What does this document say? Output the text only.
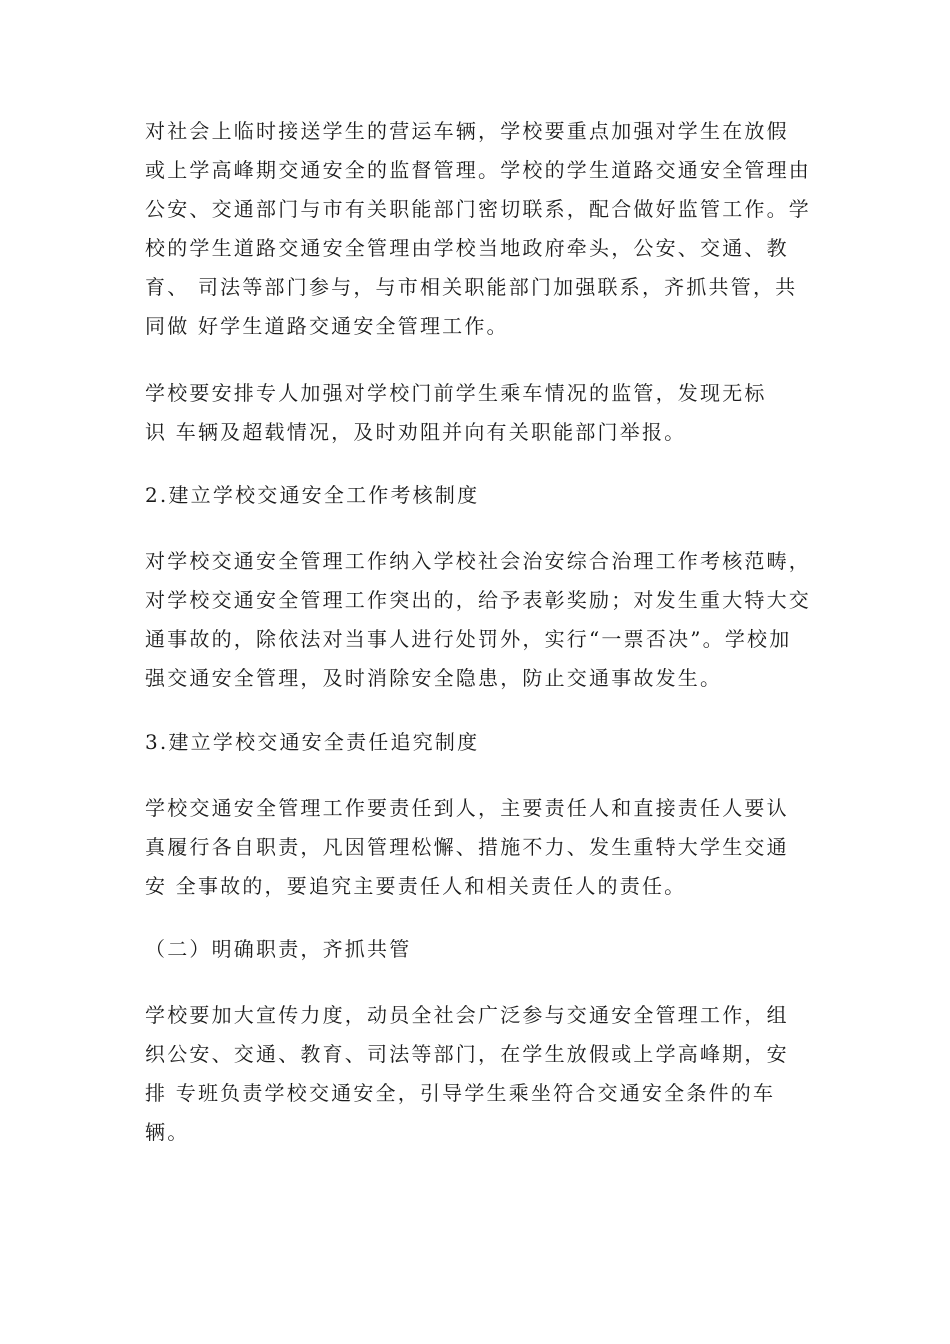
对社会上临时接送学生的营运车辆，学校要重点加强对学生在放假
或上学高峰期交通安全的监督管理。学校的学生道路交通安全管理由
公安、交通部门与市有关职能部门密切联系，配合做好监管工作。学
校的学生道路交通安全管理由学校当地政府牵头，公安、交通、教
育、 司法等部门参与，与市相关职能部门加强联系，齐抓共管，共
同做 好学生道路交通安全管理工作。
学校要安排专人加强对学校门前学生乘车情况的监管，发现无标
识 车辆及超载情况，及时劝阻并向有关职能部门举报。
2.建立学校交通安全工作考核制度
对学校交通安全管理工作纳入学校社会治安综合治理工作考核范畴，
对学校交通安全管理工作突出的，给予表彰奖励；对发生重大特大交
通事故的，除依法对当事人进行处罚外，实行“一票否决”。学校加
强交通安全管理，及时消除安全隐患，防止交通事故发生。
3.建立学校交通安全责任追究制度
学校交通安全管理工作要责任到人，主要责任人和直接责任人要认
真履行各自职责，凡因管理松懈、措施不力、发生重特大学生交通
安 全事故的，要追究主要责任人和相关责任人的责任。
（二）明确职责，齐抓共管
学校要加大宣传力度，动员全社会广泛参与交通安全管理工作，组
织公安、交通、教育、司法等部门，在学生放假或上学高峰期，安
排 专班负责学校交通安全，引导学生乘坐符合交通安全条件的车
辆。
